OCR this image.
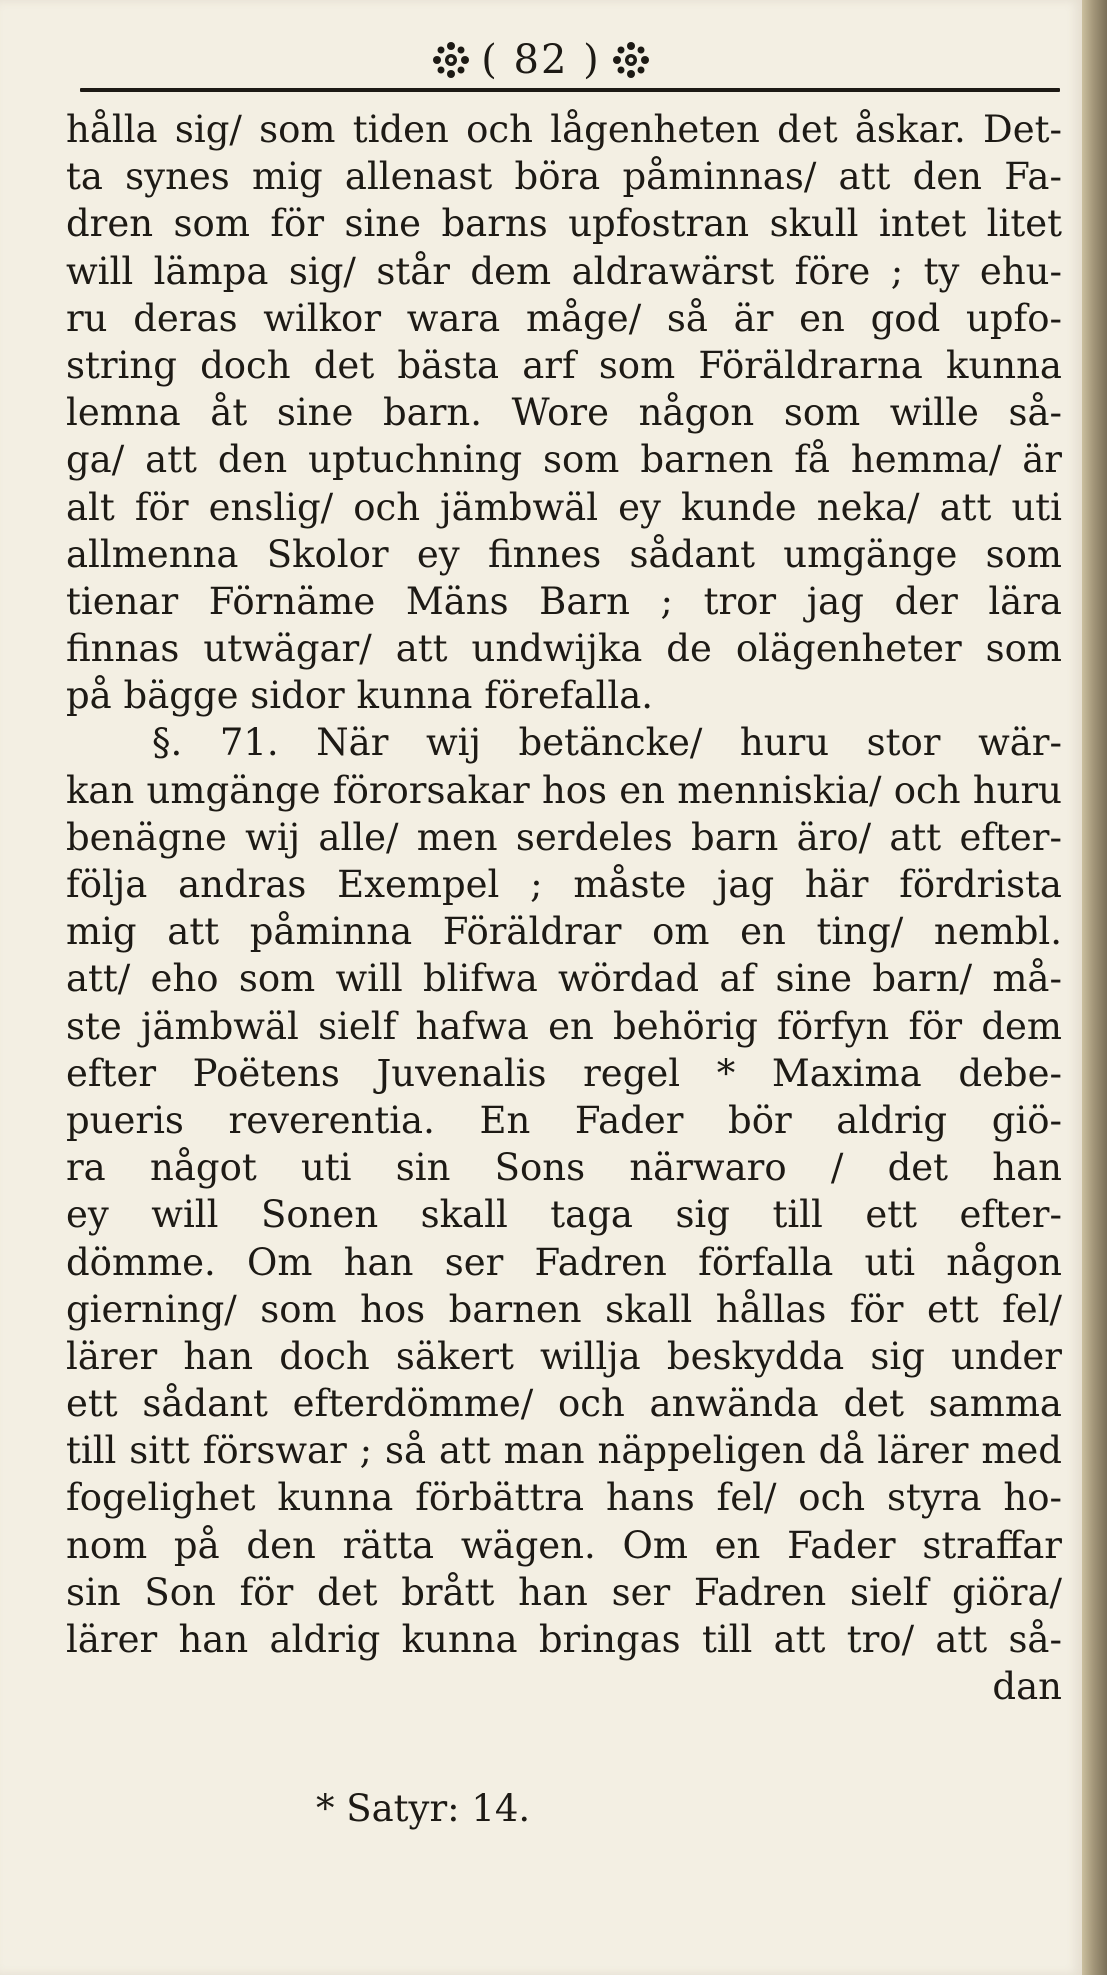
( 82 )
hålla sig/ som tiden och lågenheten det åskar. Det-
ta synes mig allenast böra påminnas/ att den Fa-
dren som för sine barns upfostran skull intet litet
will lämpa sig/ står dem aldrawärst före ; ty ehu-
ru deras wilkor wara måge/ så är en god upfo-
string doch det bästa arf som Föräldrarna kunna
lemna åt sine barn. Wore någon som wille så-
ga/ att den uptuchning som barnen få hemma/ är
alt för enslig/ och jämbwäl ey kunde neka/ att uti
allmenna Skolor ey finnes sådant umgänge som
tienar Förnäme Mäns Barn ; tror jag der lära
finnas utwägar/ att undwijka de olägenheter som
på bägge sidor kunna förefalla.
§. 71. När wij betäncke/ huru stor wär-
kan umgänge förorsakar hos en menniskia/ och huru
benägne wij alle/ men serdeles barn äro/ att efter-
följa andras Exempel ; måste jag här fördrista
mig att påminna Föräldrar om en ting/ nembl.
att/ eho som will blifwa wördad af sine barn/ må-
ste jämbwäl sielf hafwa en behörig förfyn för dem
efter Poëtens Juvenalis regel * Maxima debe-
pueris reverentia. En Fader bör aldrig giö-
ra något uti sin Sons närwaro / det han
ey will Sonen skall taga sig till ett efter-
dömme. Om han ser Fadren förfalla uti någon
gierning/ som hos barnen skall hållas för ett fel/
lärer han doch säkert willja beskydda sig under
ett sådant efterdömme/ och anwända det samma
till sitt förswar ; så att man näppeligen då lärer med
fogelighet kunna förbättra hans fel/ och styra ho-
nom på den rätta wägen. Om en Fader straffar
sin Son för det brått han ser Fadren sielf giöra/
lärer han aldrig kunna bringas till att tro/ att så-
dan
* Satyr: 14.
